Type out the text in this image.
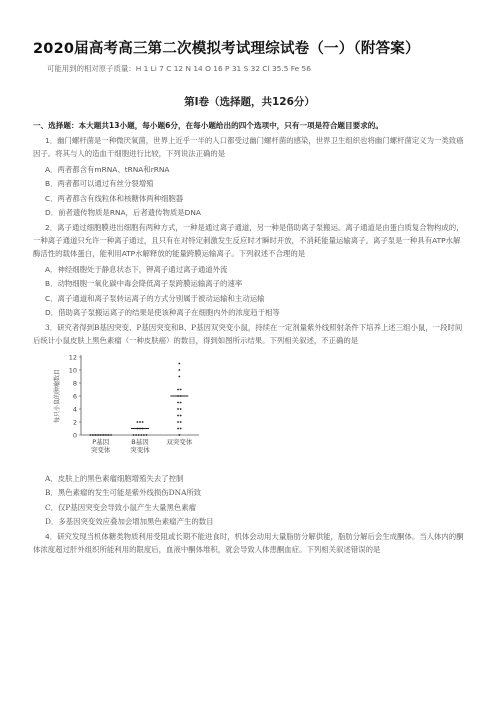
2020届高考高三第二次模拟考试理综试卷（一）（附答案）
可能用到的相对原子质量：H 1 Li 7 C 12 N 14 O 16 P 31 S 32 Cl 35.5 Fe 56
第Ⅰ卷（选择题，共126分）
一、选择题：本大题共13小题，每小题6分，在每小题给出的四个选项中，只有一项是符合题目要求的。

1．幽门螺杆菌是一种微厌氧菌，世界上近乎一半的人口都受过幽门螺杆菌的感染，世界卫生组织也将幽门螺杆菌定义为一类致癌因子。将其与人的造血干细胞进行比较，下列说法正确的是

A．两者都含有mRNA、tRNA和rRNA
B．两者都可以通过有丝分裂增殖
C．两者都含有线粒体和核糖体两种细胞器
D．前者遗传物质是RNA，后者遗传物质是DNA

2．离子通过细胞膜进出细胞有两种方式，一种是通过离子通道，另一种是借助离子泵搬运。离子通道是由蛋白质复合物构成的，一种离子通道只允许一种离子通过，且只有在对特定刺激发生反应时才瞬时开放，不消耗能量运输离子。离子泵是一种具有ATP水解酶活性的载体蛋白，能利用ATP水解释放的能量跨膜运输离子。下列叙述不合理的是

A．神经细胞处于静息状态下，钾离子通过离子通道外流
B．动物细胞一氧化碳中毒会降低离子泵跨膜运输离子的速率
C．离子通道和离子泵转运离子的方式分别属于被动运输和主动运输
D．借助离子泵搬运离子的结果是使该种离子在细胞内外的浓度趋于相等

3．研究者得到B基因突变、P基因突变和B、P基因双突变小鼠，持续在一定剂量紫外线照射条件下培养上述三组小鼠，一段时间后统计小鼠皮肤上黑色素瘤（一种皮肤癌）的数目，得到如图所示结果。下列相关叙述，不正确的是

0
2
4
6
8
10
12
每只小鼠的肿瘤数目
P基因
突变体
B基因
突变体
双突变体
A．皮肤上的黑色素瘤细胞增殖失去了控制
B．黑色素瘤的发生可能是紫外线损伤DNA所致
C．仅P基因突变会导致小鼠产生大量黑色素瘤
D．多基因突变效应叠加会增加黑色素瘤产生的数目

4．研究发现当机体糖类物质利用受阻或长期不能进食时，机体会动用大量脂肪分解供能，脂肪分解后会生成酮体。当人体内的酮体浓度超过肝外组织所能利用的限度后，血液中酮体堆积，就会导致人体患酮血症。下列相关叙述错误的是
